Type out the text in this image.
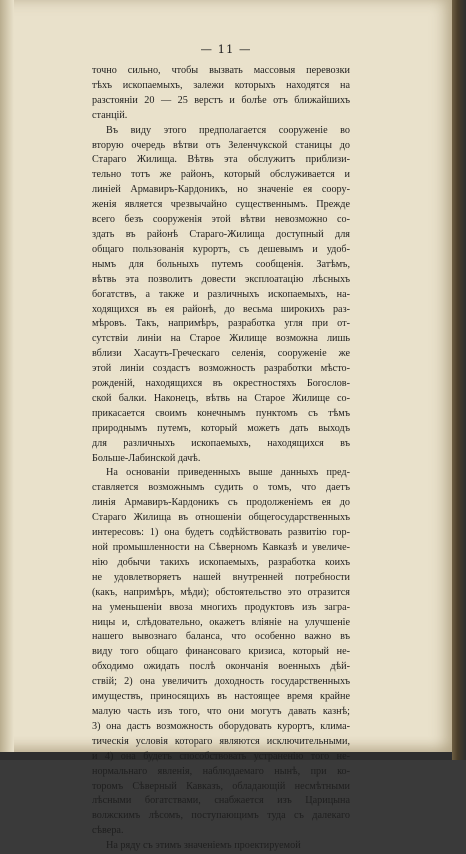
— 11 —
точно сильно, чтобы вызвать массовыя перевозки
тѣхъ ископаемыхъ, залежи которыхъ находятся на
разстояніи 20 — 25 верстъ и болѣе отъ ближайшихъ
станцій.
Въ виду этого предполагается сооруженіе во
вторую очередь вѣтви отъ Зеленчукской станицы до
Стараго Жилища. Вѣтвь эта обслужитъ приблизи-
тельно тотъ же районъ, который обслуживается и
линіей Армавиръ-Кардоникъ, но значеніе ея соору-
женія является чрезвычайно существеннымъ. Прежде
всего безъ сооруженія этой вѣтви невозможно со-
здать въ районѣ Стараго-Жилища доступный для
общаго пользованія курортъ, съ дешевымъ и удоб-
нымъ для больныхъ путемъ сообщенія. Затѣмъ,
вѣтвь эта позволитъ довести эксплоатацію лѣсныхъ
богатствъ, а также и различныхъ ископаемыхъ, на-
ходящихся въ ея районѣ, до весьма широкихъ раз-
мѣровъ. Такъ, напримѣръ, разработка угля при от-
сутствіи линіи на Старое Жилище возможна лишь
вблизи Хасаутъ-Греческаго селенія, сооруженіе же
этой линіи создастъ возможность разработки мѣсто-
рожденій, находящихся въ окрестностяхъ Богослов-
ской балки. Наконецъ, вѣтвь на Старое Жилище со-
прикасается своимъ конечнымъ пунктомъ съ тѣмъ
природнымъ путемъ, который можетъ дать выходъ
для различныхъ ископаемыхъ, находящихся въ
Больше-Лабинской дачѣ.
На основаніи приведенныхъ выше данныхъ пред-
ставляется возможнымъ судить о томъ, что даетъ
линія Армавиръ-Кардоникъ съ продолженіемъ ея до
Стараго Жилища въ отношеніи общегосударственныхъ
интересовъ: 1) она будетъ содѣйствовать развитію гор-
ной промышленности на Сѣверномъ Кавказѣ и увеличе-
нію добычи такихъ ископаемыхъ, разработка коихъ
не удовлетворяетъ нашей внутренней потребности
(какъ, напримѣръ, мѣди); обстоятельство это отразится
на уменьшеніи ввоза многихъ продуктовъ изъ загра-
ницы и, слѣдовательно, окажетъ вліяніе на улучшеніе
нашего вывознаго баланса, что особенно важно въ
виду того общаго финансоваго кризиса, который не-
обходимо ожидать послѣ окончанія военныхъ дѣй-
ствій; 2) она увеличитъ доходность государственныхъ
имуществъ, приносящихъ въ настоящее время крайне
малую часть изъ того, что они могутъ давать казнѣ;
3) она дастъ возможность оборудовать курортъ, клима-
тическія условія котораго являются исключительными,
и 4) она будетъ способствовать устраненію того не-
нормальнаго явленія, наблюдаемаго нынѣ, при ко-
торомъ Сѣверный Кавказъ, обладающій несмѣтными
лѣсными богатствами, снабжается изъ Царицына
волжскимъ лѣсомъ, поступающимъ туда съ далекаго
сѣвера.
На ряду съ этимъ значеніемъ проектируемой
